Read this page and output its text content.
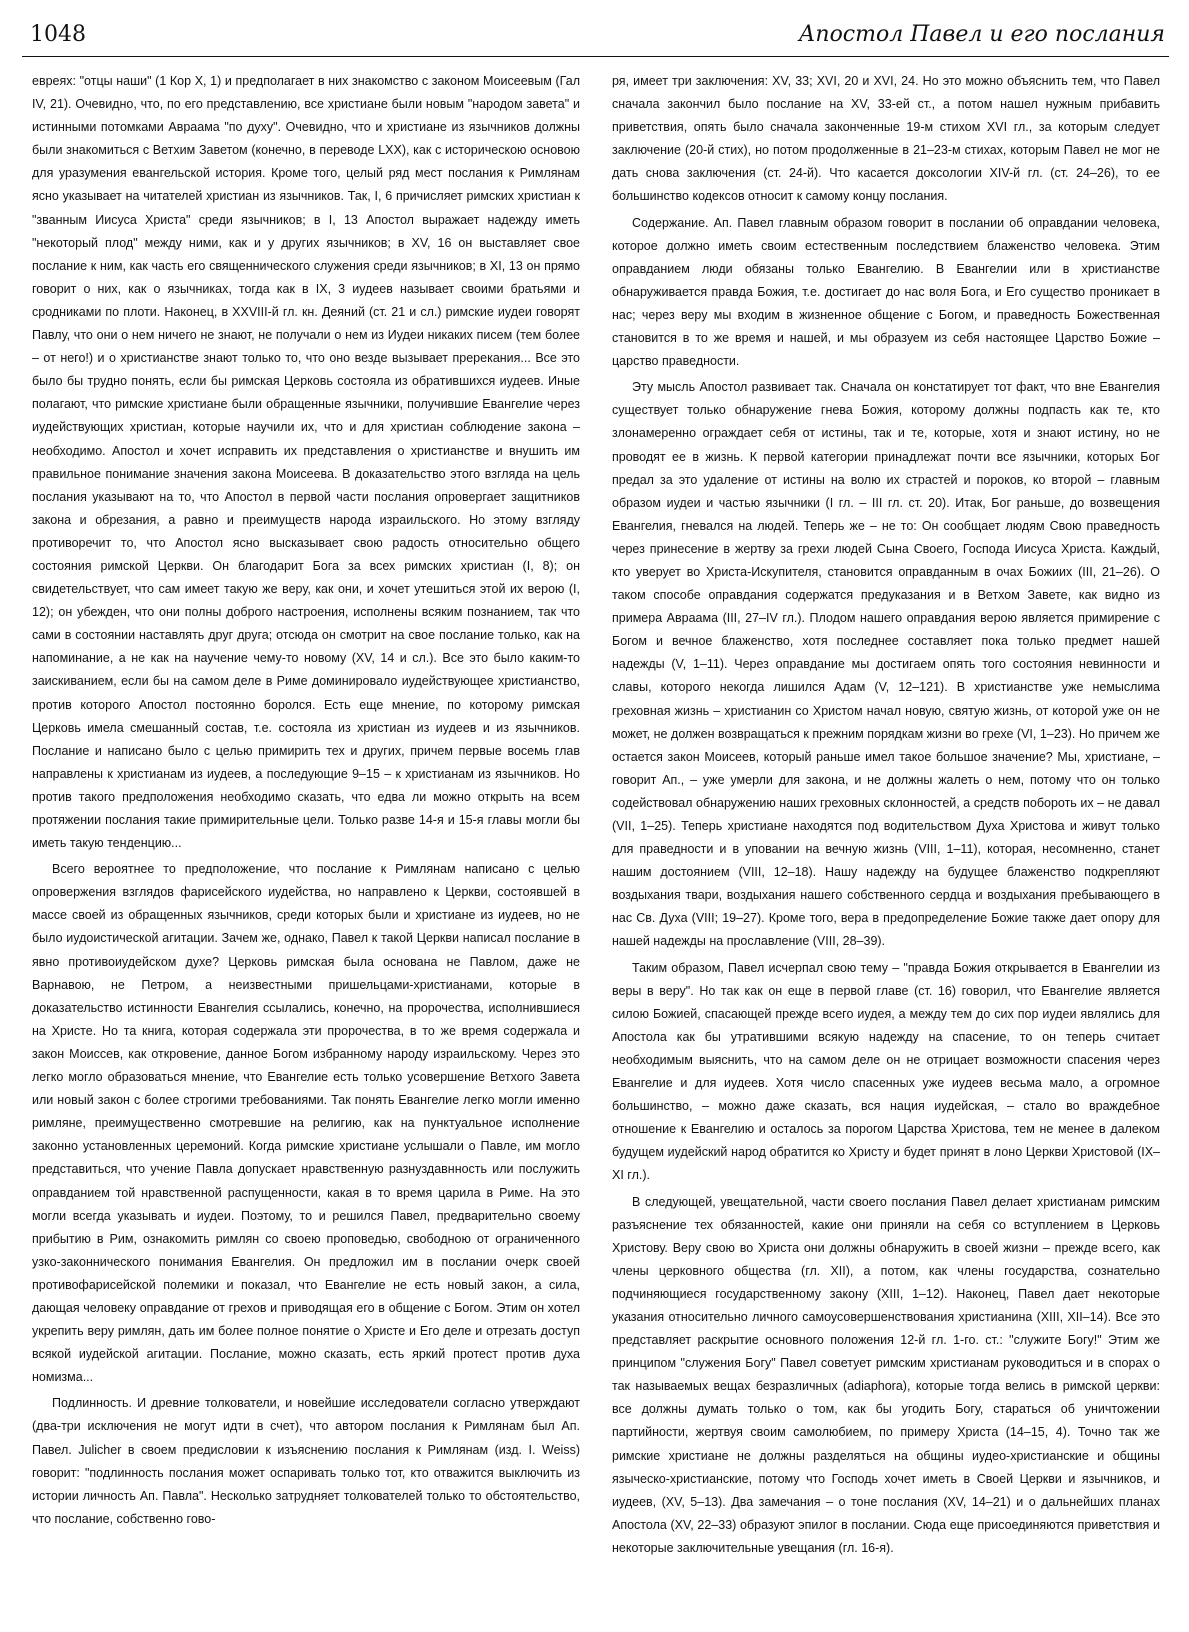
1048	Апостол Павел и его послания

евреях: "отцы наши" (1 Кор X, 1) и предполагает в них знакомство с законом Моисеевым (Гал IV, 21). Очевидно, что, по его представлению, все христиане были новым "народом завета" и истинными потомками Авраама "по духу". Очевидно, что и христиане из язычников должны были знакомиться с Ветхим Заветом (конечно, в переводе LXX), как с историческою основою для уразумения евангельской история. Кроме того, целый ряд мест послания к Римлянам ясно указывает на читателей христиан из язычников. Так, I, 6 причисляет римских христиан к "званным Иисуса Христа" среди язычников; в I, 13 Апостол выражает надежду иметь "некоторый плод" между ними, как и у других язычников; в XV, 16 он выставляет свое послание к ним, как часть его священнического служения среди язычников; в XI, 13 он прямо говорит о них, как о язычниках, тогда как в IX, 3 иудеев называет своими братьями и сродниками по плоти. Наконец, в XXVIII-й гл. кн. Деяний (ст. 21 и сл.) римские иудеи говорят Павлу, что они о нем ничего не знают, не получали о нем из Иудеи никаких писем (тем более – от него!) и о христианстве знают только то, что оно везде вызывает пререкания... Все это было бы трудно понять, если бы римская Церковь состояла из обратившихся иудеев. Иные полагают, что римские христиане были обращенные язычники, получившие Евангелие через иудействующих христиан, которые научили их, что и для христиан соблюдение закона – необходимо. Апостол и хочет исправить их представления о христианстве и внушить им правильное понимание значения закона Моисеева. В доказательство этого взгляда на цель послания указывают на то, что Апостол в первой части послания опровергает защитников закона и обрезания, а равно и преимуществ народа израильского. Но этому взгляду противоречит то, что Апостол ясно высказывает свою радость относительно общего состояния римской Церкви. Он благодарит Бога за всех римских христиан (I, 8); он свидетельствует, что сам имеет такую же веру, как они, и хочет утешиться этой их верою (I, 12); он убежден, что они полны доброго настроения, исполнены всяким познанием, так что сами в состоянии наставлять друг друга; отсюда он смотрит на свое послание только, как на напоминание, а не как на научение чему-то новому (XV, 14 и сл.). Все это было каким-то заискиванием, если бы на самом деле в Риме доминировало иудействующее христианство, против которого Апостол постоянно боролся. Есть еще мнение, по которому римская Церковь имела смешанный состав, т.е. состояла из христиан из иудеев и из язычников. Послание и написано было с целью примирить тех и других, причем первые восемь глав направлены к христианам из иудеев, а последующие 9–15 – к христианам из язычников. Но против такого предположения необходимо сказать, что едва ли можно открыть на всем протяжении послания такие примирительные цели. Только разве 14-я и 15-я главы могли бы иметь такую тенденцию...

Всего вероятнее то предположение, что послание к Римлянам написано с целью опровержения взглядов фарисейского иудейства, но направлено к Церкви, состоявшей в массе своей из обращенных язычников, среди которых были и христиане из иудеев, но не было иудоистической агитации. Зачем же, однако, Павел к такой Церкви написал послание в явно противоиудейском духе? Церковь римская была основана не Павлом, даже не Варнавою, не Петром, а неизвестными пришельцами-христианами, которые в доказательство истинности Евангелия ссылались, конечно, на пророчества, исполнившиеся на Христе. Но та книга, которая содержала эти пророчества, в то же время содержала и закон Моиссев, как откровение, данное Богом избранному народу израильскому. Через это легко могло образоваться мнение, что Евангелие есть только усовершение Ветхого Завета или новый закон с более строгими требованиями. Так понять Евангелие легко могли именно римляне, преимущественно смотревшие на религию, как на пунктуальное исполнение законно установленных церемоний. Когда римские христиане услышали о Павле, им могло представиться, что учение Павла допускает нравственную разнуздавнность или послужить оправданием той нравственной распущенности, какая в то время царила в Риме. На это могли всегда указывать и иудеи. Поэтому, то и решился Павел, предварительно своему прибытию в Рим, ознакомить римлян со своею проповедью, свободною от ограниченного узко-законнического понимания Евангелия. Он предложил им в послании очерк своей противофарисейской полемики и показал, что Евангелие не есть новый закон, а сила, дающая человеку оправдание от грехов и приводящая его в общение с Богом. Этим он хотел укрепить веру римлян, дать им более полное понятие о Христе и Его деле и отрезать доступ всякой иудейской агитации. Послание, можно сказать, есть яркий протест против духа номизма...

Подлинность. И древние толкователи, и новейшие исследователи согласно утверждают (два-три исключения не могут идти в счет), что автором послания к Римлянам был Ап. Павел. Julicher в своем предисловии к изъяснению послания к Римлянам (изд. I. Weiss) говорит: "подлинность послания может оспаривать только тот, кто отважится выключить из истории личность Ап. Павла". Несколько затрудняет толкователей только то обстоятельство, что послание, собственно гово-

ря, имеет три заключения: XV, 33; XVI, 20 и XVI, 24. Но это можно объяснить тем, что Павел сначала закончил было послание на XV, 33-ей ст., а потом нашел нужным прибавить приветствия, опять было сначала законченные 19-м стихом XVI гл., за которым следует заключение (20-й стих), но потом продолженные в 21–23-м стихах, которым Павел не мог не дать снова заключения (ст. 24-й). Что касается доксологии XIV-й гл. (ст. 24–26), то ее большинство кодексов относит к самому концу послания.

Содержание. Ап. Павел главным образом говорит в послании об оправдании человека, которое должно иметь своим естественным последствием блаженство человека. Этим оправданием люди обязаны только Евангелию. В Евангелии или в христианстве обнаруживается правда Божия, т.е. достигает до нас воля Бога, и Его существо проникает в нас; через веру мы входим в жизненное общение с Богом, и праведность Божественная становится в то же время и нашей, и мы образуем из себя настоящее Царство Божие – царство праведности.

Эту мысль Апостол развивает так. Сначала он констатирует тот факт, что вне Евангелия существует только обнаружение гнева Божия, которому должны подпасть как те, кто злонамеренно ограждает себя от истины, так и те, которые, хотя и знают истину, но не проводят ее в жизнь. К первой категории принадлежат почти все язычники, которых Бог предал за это удаление от истины на волю их страстей и пороков, ко второй – главным образом иудеи и частью язычники (I гл. – III гл. ст. 20). Итак, Бог раньше, до возвещения Евангелия, гневался на людей. Теперь же – не то: Он сообщает людям Свою праведность через принесение в жертву за грехи людей Сына Своего, Господа Иисуса Христа. Каждый, кто уверует во Христа-Искупителя, становится оправданным в очах Божиих (III, 21–26). О таком способе оправдания содержатся предуказания и в Ветхом Завете, как видно из примера Авраама (III, 27–IV гл.). Плодом нашего оправдания верою является примирение с Богом и вечное блаженство, хотя последнее составляет пока только предмет нашей надежды (V, 1–11). Через оправдание мы достигаем опять того состояния невинности и славы, которого некогда лишился Адам (V, 12–121). В христианстве уже немыслима греховная жизнь – христианин со Христом начал новую, святую жизнь, от которой уже он не может, не должен возвращаться к прежним порядкам жизни во грехе (VI, 1–23). Но причем же остается закон Моисеев, который раньше имел такое большое значение? Мы, христиане, – говорит Ап., – уже умерли для закона, и не должны жалеть о нем, потому что он только содействовал обнаружению наших греховных склонностей, а средств побороть их – не давал (VII, 1–25). Теперь христиане находятся под водительством Духа Христова и живут только для праведности и в уповании на вечную жизнь (VIII, 1–11), которая, несомненно, станет нашим достоянием (VIII, 12–18). Нашу надежду на будущее блаженство подкрепляют воздыхания твари, воздыхания нашего собственного сердца и воздыхания пребывающего в нас Св. Духа (VIII; 19–27). Кроме того, вера в предопределение Божие также дает опору для нашей надежды на прославление (VIII, 28–39).

Таким образом, Павел исчерпал свою тему – "правда Божия открывается в Евангелии из веры в веру". Но так как он еще в первой главе (ст. 16) говорил, что Евангелие является силою Божией, спасающей прежде всего иудея, а между тем до сих пор иудеи являлись для Апостола как бы утратившими всякую надежду на спасение, то он теперь считает необходимым выяснить, что на самом деле он не отрицает возможности спасения через Евангелие и для иудеев. Хотя число спасенных уже иудеев весьма мало, а огромное большинство, – можно даже сказать, вся нация иудейская, – стало во враждебное отношение к Евангелию и осталось за порогом Царства Христова, тем не менее в далеком будущем иудейский народ обратится ко Христу и будет принят в лоно Церкви Христовой (IX–XI гл.).

В следующей, увещательной, части своего послания Павел делает христианам римским разъяснение тех обязанностей, какие они приняли на себя со вступлением в Церковь Христову. Веру свою во Христа они должны обнаружить в своей жизни – прежде всего, как члены церковного общества (гл. XII), а потом, как члены государства, сознательно подчиняющиеся государственному закону (XIII, 1–12). Наконец, Павел дает некоторые указания относительно личного самоусовершенствования христианина (XIII, XII–14). Все это представляет раскрытие основного положения 12-й гл. 1-го. ст.: "служите Богу!" Этим же принципом "служения Богу" Павел советует римским христианам руководиться и в спорах о так называемых вещах безразличных (adiaphora), которые тогда велись в римской церкви: все должны думать только о том, как бы угодить Богу, стараться об уничтожении партийности, жертвуя своим самолюбием, по примеру Христа (14–15, 4). Точно так же римские христиане не должны разделяться на общины иудео-христианские и общины языческо-христианские, потому что Господь хочет иметь в Своей Церкви и язычников, и иудеев, (XV, 5–13). Два замечания – о тоне послания (XV, 14–21) и о дальнейших планах Апостола (XV, 22–33) образуют эпилог в послании. Сюда еще присоединяются приветствия и некоторые заключительные увещания (гл. 16-я).
